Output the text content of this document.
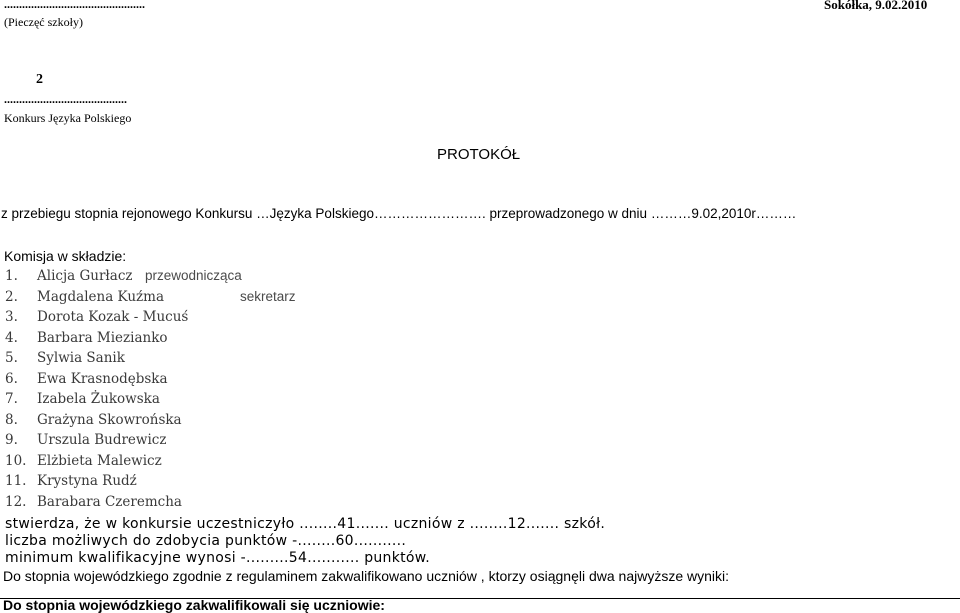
...............................................
(Pieczęć szkoły)
Sokółka, 9.02.2010
2
.........................................
Konkurs Języka Polskiego
PROTOKÓŁ
z przebiegu stopnia rejonowego Konkursu …Języka Polskiego……………………. przeprowadzonego w dniu ………9.02,2010r………
Komisja w składzie:
1. Alicja Gurłacz przewodnicząca
2. Magdalena Kuźma	sekretarz
3. Dorota Kozak - Mucuś
4. Barbara Miezianko
5. Sylwia Sanik
6. Ewa Krasnodębska
7. Izabela Żukowska
8. Grażyna Skowrońska
9. Urszula Budrewicz
10. Elżbieta Malewicz
11. Krystyna Rudź
12. Barabara Czeremcha
stwierdza, że w konkursie uczestniczyło ........41....... uczniów z ........12....... szkół.
liczba możliwych do zdobycia punktów -........60...........
minimum kwalifikacyjne wynosi -.........54........... punktów.
Do stopnia wojewódzkiego zgodnie z regulaminem zakwalifikowano uczniów , ktorzy osiągnęli dwa najwyższe wyniki:
Do stopnia wojewódzkiego zakwalifikowali się uczniowie:
